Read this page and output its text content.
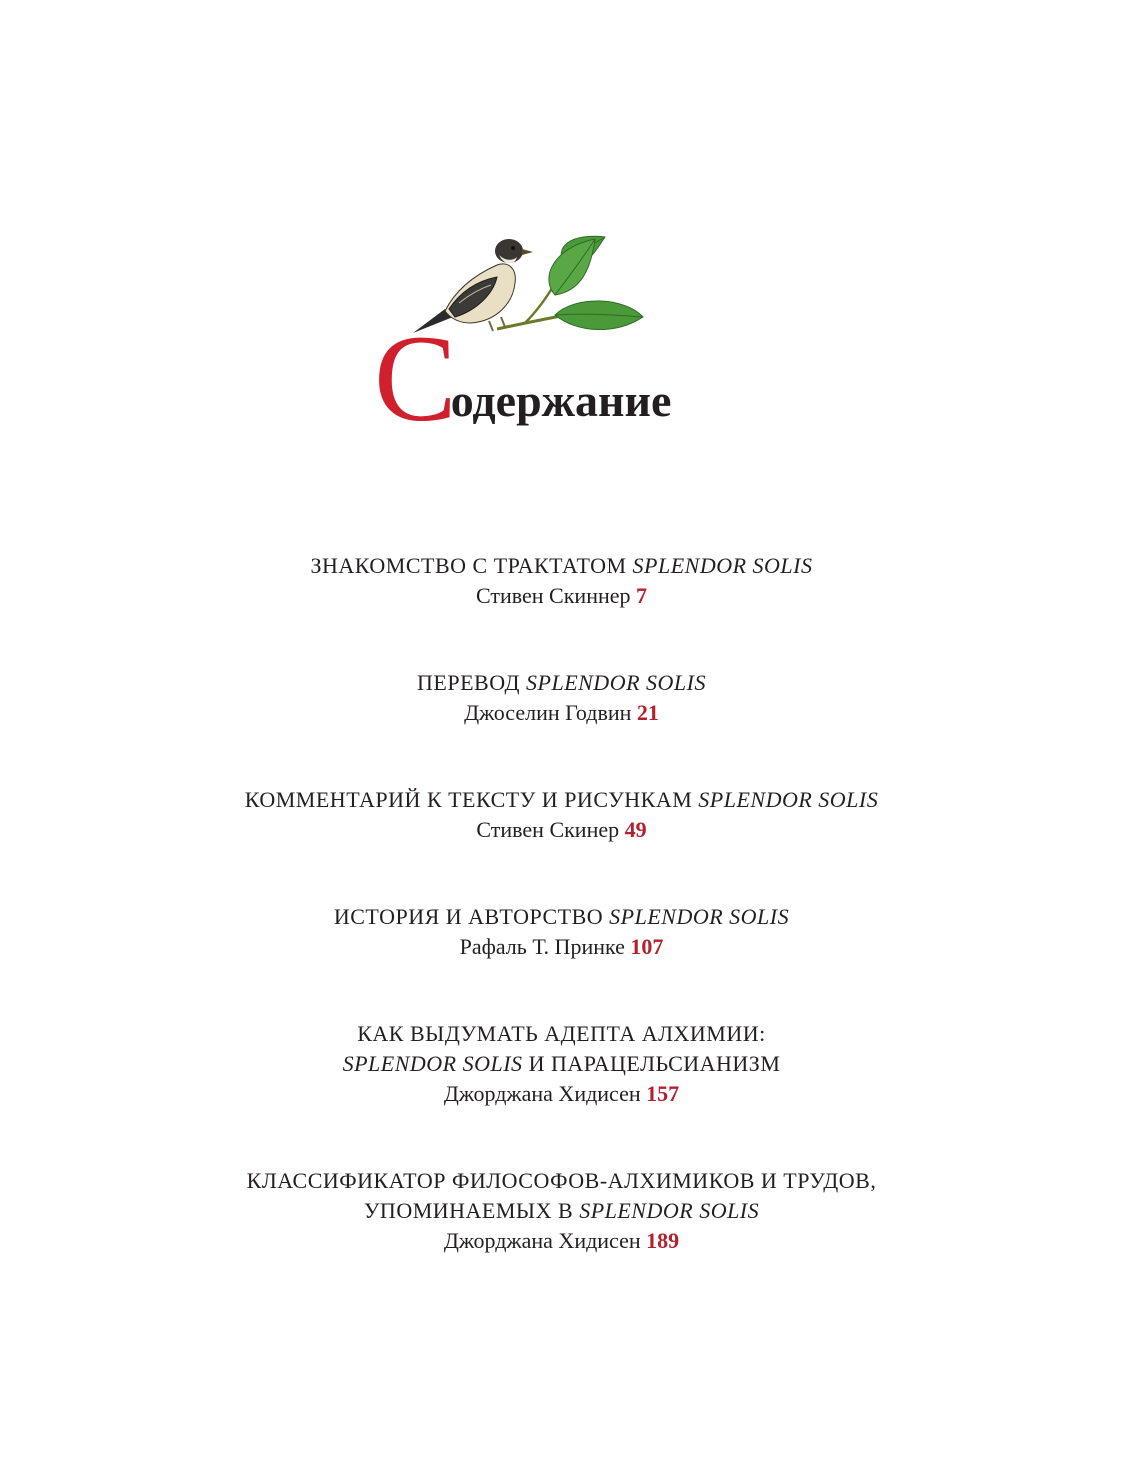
Содержание
ЗНАКОМСТВО С ТРАКТАТОМ SPLENDOR SOLIS
Стивен Скиннер 7
ПЕРЕВОД SPLENDOR SOLIS
Джоселин Годвин 21
КОММЕНТАРИЙ К ТЕКСТУ И РИСУНКАМ SPLENDOR SOLIS
Стивен Скинер 49
ИСТОРИЯ И АВТОРСТВО SPLENDOR SOLIS
Рафаль Т. Принке 107
КАК ВЫДУМАТЬ АДЕПТА АЛХИМИИ:
SPLENDOR SOLIS И ПАРАЦЕЛЬСИАНИЗМ
Джорджана Хидисен 157
КЛАССИФИКАТОР ФИЛОСОФОВ-АЛХИМИКОВ И ТРУДОВ,
УПОМИНАЕМЫХ В SPLENDOR SOLIS
Джорджана Хидисен 189
